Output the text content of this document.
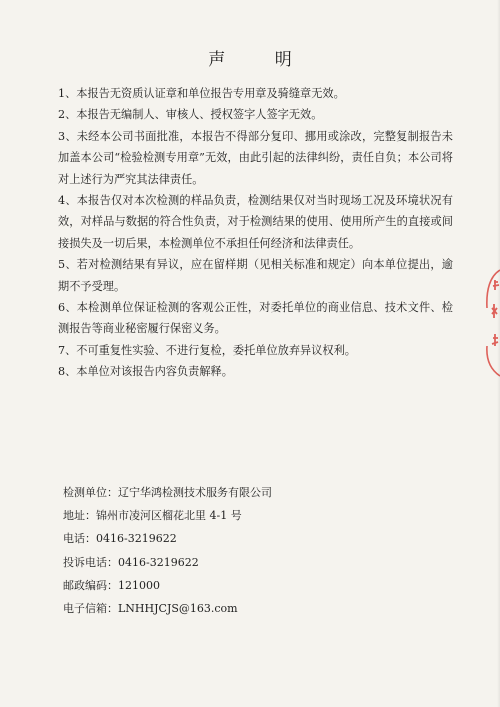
声 明

1、本报告无资质认证章和单位报告专用章及骑缝章无效。

2、本报告无编制人、审核人、授权签字人签字无效。

3、未经本公司书面批准，本报告不得部分复印、挪用或涂改，完整复制报告未加盖本公司“检验检测专用章”无效，由此引起的法律纠纷，责任自负；本公司将对上述行为严究其法律责任。

4、本报告仅对本次检测的样品负责，检测结果仅对当时现场工况及环境状况有效，对样品与数据的符合性负责，对于检测结果的使用、使用所产生的直接或间接损失及一切后果，本检测单位不承担任何经济和法律责任。

5、若对检测结果有异议，应在留样期（见相关标准和规定）向本单位提出，逾期不予受理。

6、本检测单位保证检测的客观公正性，对委托单位的商业信息、技术文件、检测报告等商业秘密履行保密义务。

7、不可重复性实验、不进行复检，委托单位放弃异议权利。

8、本单位对该报告内容负责解释。

检测单位：辽宁华鸿检测技术服务有限公司
地址：锦州市凌河区榴花北里 4-1 号
电话：0416-3219622
投诉电话：0416-3219622
邮政编码：121000
电子信箱：LNHHJCJS@163.com
